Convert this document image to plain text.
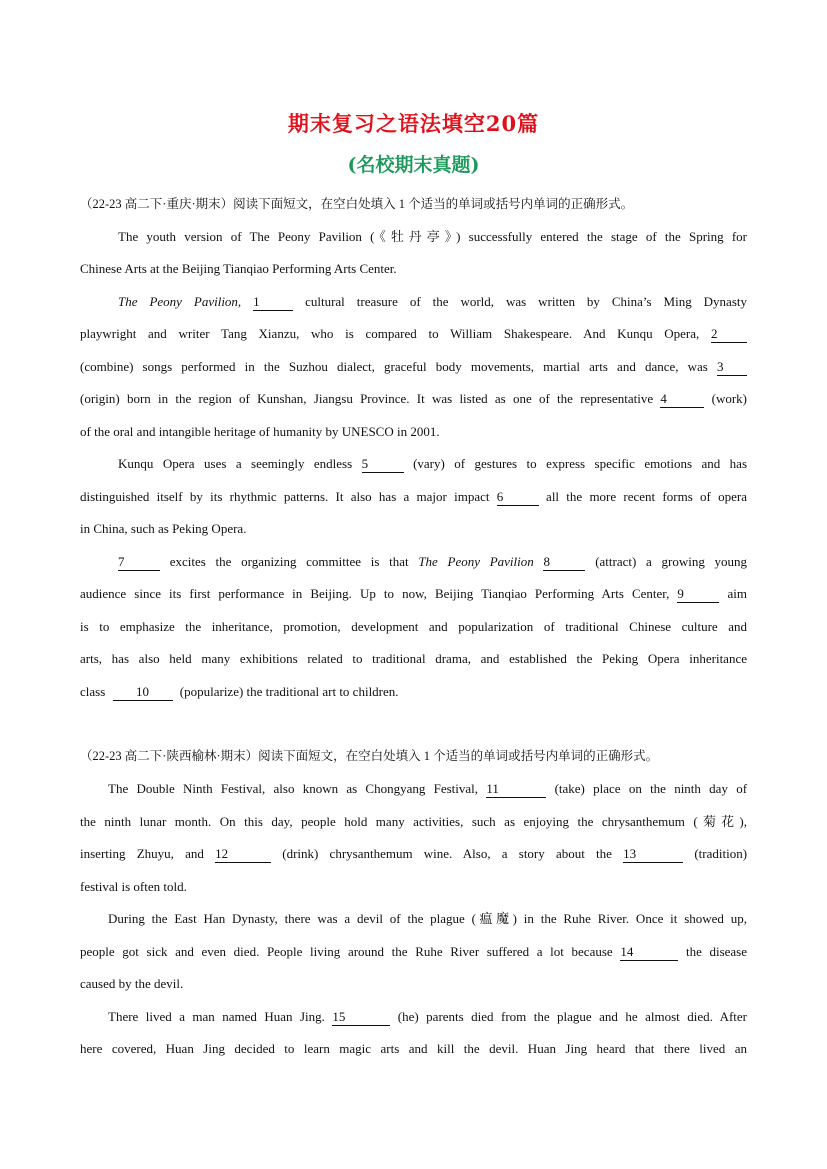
期末复习之语法填空20篇
(名校期末真题)
（22-23 高二下·重庆·期末）阅读下面短文，在空白处填入 1 个适当的单词或括号内单词的正确形式。
The youth version of The Peony Pavilion (《牡丹亭》) successfully entered the stage of the Spring for
Chinese Arts at the Beijing Tianqiao Performing Arts Center.
The Peony Pavilion, 1	cultural treasure of the world, was written by China’s Ming Dynasty
playwright and writer Tang Xianzu, who is compared to William Shakespeare. And Kunqu Opera, 2
(combine) songs performed in the Suzhou dialect, graceful body movements, martial arts and dance, was 3
(origin) born in the region of Kunshan, Jiangsu Province. It was listed as one of the representative 4	(work)
of the oral and intangible heritage of humanity by UNESCO in 2001.
Kunqu Opera uses a seemingly endless 5	(vary) of gestures to express specific emotions and has
distinguished itself by its rhythmic patterns. It also has a major impact 6	all the more recent forms of opera
in China, such as Peking Opera.
7	excites the organizing committee is that The Peony Pavilion 8	(attract) a growing young
audience since its first performance in Beijing. Up to now, Beijing Tianqiao Performing Arts Center, 9	aim
is to emphasize the inheritance, promotion, development and popularization of traditional Chinese culture and
arts, has also held many exhibitions related to traditional drama, and established the Peking Opera inheritance
class 10 (popularize) the traditional art to children.
（22-23 高二下·陕西榆林·期末）阅读下面短文，在空白处填入 1 个适当的单词或括号内单词的正确形式。
The Double Ninth Festival, also known as Chongyang Festival, 11	(take) place on the ninth day of
the ninth lunar month. On this day, people hold many activities, such as enjoying the chrysanthemum (菊花),
inserting Zhuyu, and 12	(drink) chrysanthemum wine. Also, a story about the 13	(tradition)
festival is often told.
During the East Han Dynasty, there was a devil of the plague (瘟魔) in the Ruhe River. Once it showed up,
people got sick and even died. People living around the Ruhe River suffered a lot because 14	the disease
caused by the devil.
There lived a man named Huan Jing. 15	(he) parents died from the plague and he almost died. After
here covered, Huan Jing decided to learn magic arts and kill the devil. Huan Jing heard that there lived an
